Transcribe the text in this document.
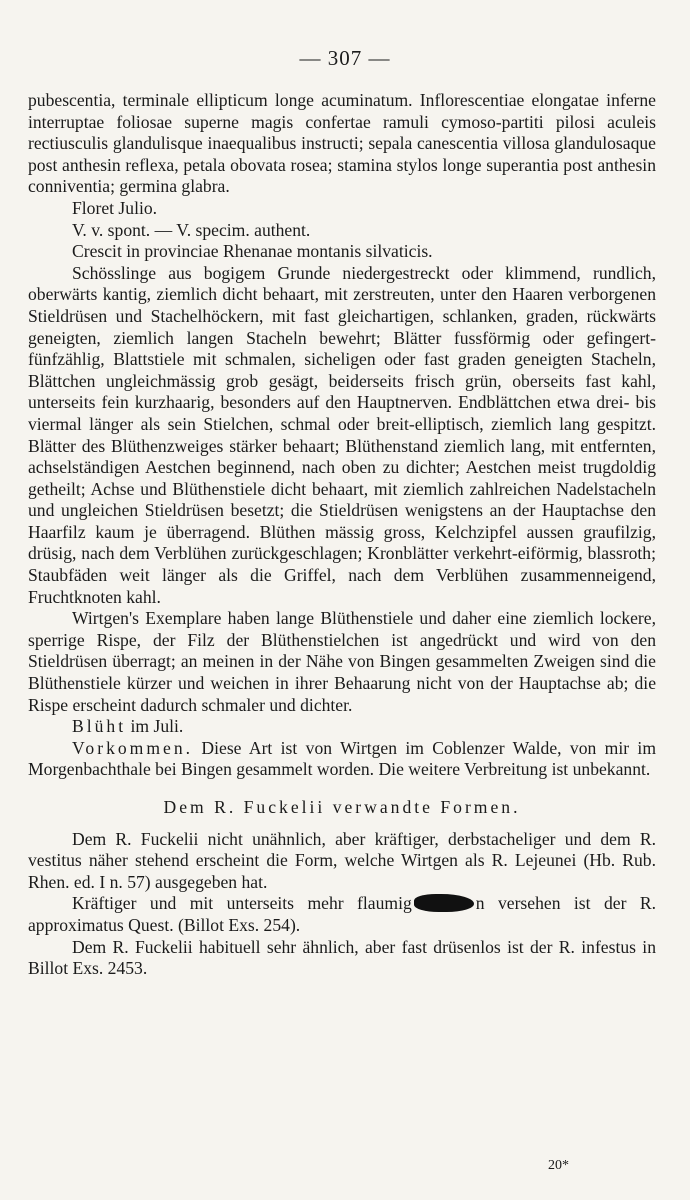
— 307 —

pubescentia, terminale ellipticum longe acuminatum. Inflorescentiae elongatae inferne interruptae foliosae superne magis confertae ramuli cymoso-partiti pilosi aculeis rectiusculis glandulisque inaequalibus instructi; sepala canescentia villosa glandulosaque post anthesin reflexa, petala obovata rosea; stamina stylos longe superantia post anthesin conniventia; germina glabra.

Floret Julio.

V. v. spont. — V. specim. authent.

Crescit in provinciae Rhenanae montanis silvaticis.

Schösslinge aus bogigem Grunde niedergestreckt oder klimmend, rundlich, oberwärts kantig, ziemlich dicht behaart, mit zerstreuten, unter den Haaren verborgenen Stieldrüsen und Stachelhöckern, mit fast gleichartigen, schlanken, graden, rückwärts geneigten, ziemlich langen Stacheln bewehrt; Blätter fussförmig oder gefingert-fünfzählig, Blattstiele mit schmalen, sicheligen oder fast graden geneigten Stacheln, Blättchen ungleichmässig grob gesägt, beiderseits frisch grün, oberseits fast kahl, unterseits fein kurzhaarig, besonders auf den Hauptnerven. Endblättchen etwa drei- bis viermal länger als sein Stielchen, schmal oder breit-elliptisch, ziemlich lang gespitzt. Blätter des Blüthenzweiges stärker behaart; Blüthenstand ziemlich lang, mit entfernten, achselständigen Aestchen beginnend, nach oben zu dichter; Aestchen meist trugdoldig getheilt; Achse und Blüthenstiele dicht behaart, mit ziemlich zahlreichen Nadelstacheln und ungleichen Stieldrüsen besetzt; die Stieldrüsen wenigstens an der Hauptachse den Haarfilz kaum je überragend. Blüthen mässig gross, Kelchzipfel aussen graufilzig, drüsig, nach dem Verblühen zurückgeschlagen; Kronblätter verkehrt-eiförmig, blassroth; Staubfäden weit länger als die Griffel, nach dem Verblühen zusammenneigend, Fruchtknoten kahl.

Wirtgen's Exemplare haben lange Blüthenstiele und daher eine ziemlich lockere, sperrige Rispe, der Filz der Blüthenstielchen ist angedrückt und wird von den Stieldrüsen überragt; an meinen in der Nähe von Bingen gesammelten Zweigen sind die Blüthenstiele kürzer und weichen in ihrer Behaarung nicht von der Hauptachse ab; die Rispe erscheint dadurch schmaler und dichter.

Blüht im Juli.

Vorkommen. Diese Art ist von Wirtgen im Coblenzer Walde, von mir im Morgenbachthale bei Bingen gesammelt worden. Die weitere Verbreitung ist unbekannt.

Dem R. Fuckelii verwandte Formen.

Dem R. Fuckelii nicht unähnlich, aber kräftiger, derbstacheliger und dem R. vestitus näher stehend erscheint die Form, welche Wirtgen als R. Lejeunei (Hb. Rub. Rhen. ed. I n. 57) ausgegeben hat.

Kräftiger und mit unterseits mehr flaumig	n versehen ist der R. approximatus Quest. (Billot Exs. 254).

Dem R. Fuckelii habituell sehr ähnlich, aber fast drüsenlos ist der R. infestus in Billot Exs. 2453.

20*
